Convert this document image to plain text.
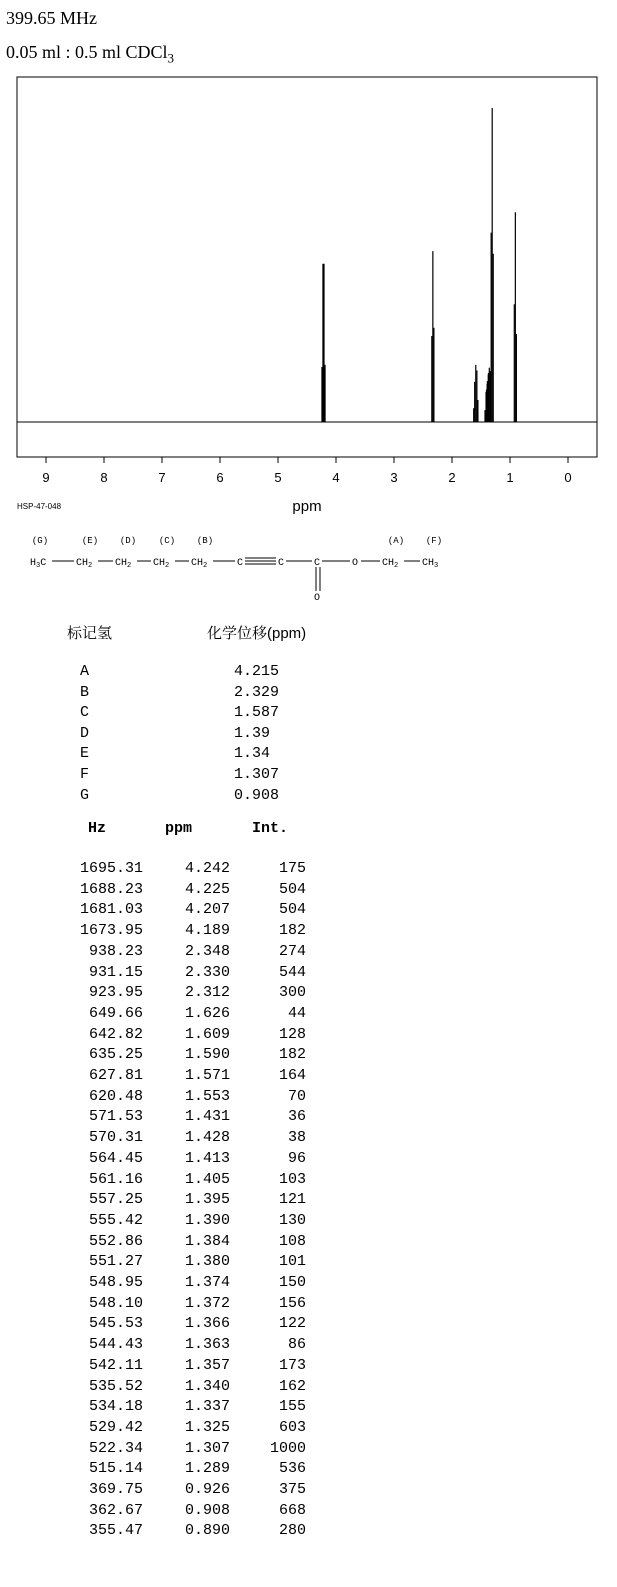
399.65 MHz
0.05 ml : 0.5 ml CDCl$_3$
9	8	7	6	5	4	3	2	1	0
ppm
HSP-47-048
(G)	(E) (D)	(C) (B)	(A) (F)
$H_3C$	$CH_2$ $CH_2$ $CH_2$ $CH_2$	C	C	C	O $CH_2$ $CH_3$
O
标记氢	化学位移(ppm)
A	4.215
B	2.329
C	1.587
D	1.39
E	1.34
F	1.307
G	0.908
Hz	ppm	Int.
1695.31	4.242	175
1688.23	4.225	504
1681.03	4.207	504
1673.95	4.189	182
938.23	2.348	274
931.15	2.330	544
923.95	2.312	300
649.66	1.626	44
642.82	1.609	128
635.25	1.590	182
627.81	1.571	164
620.48	1.553	70
571.53	1.431	36
570.31	1.428	38
564.45	1.413	96
561.16	1.405	103
557.25	1.395	121
555.42	1.390	130
552.86	1.384	108
551.27	1.380	101
548.95	1.374	150
548.10	1.372	156
545.53	1.366	122
544.43	1.363	86
542.11	1.357	173
535.52	1.340	162
534.18	1.337	155
529.42	1.325	603
522.34	1.307	1000
515.14	1.289	536
369.75	0.926	375
362.67	0.908	668
355.47	0.890	280
